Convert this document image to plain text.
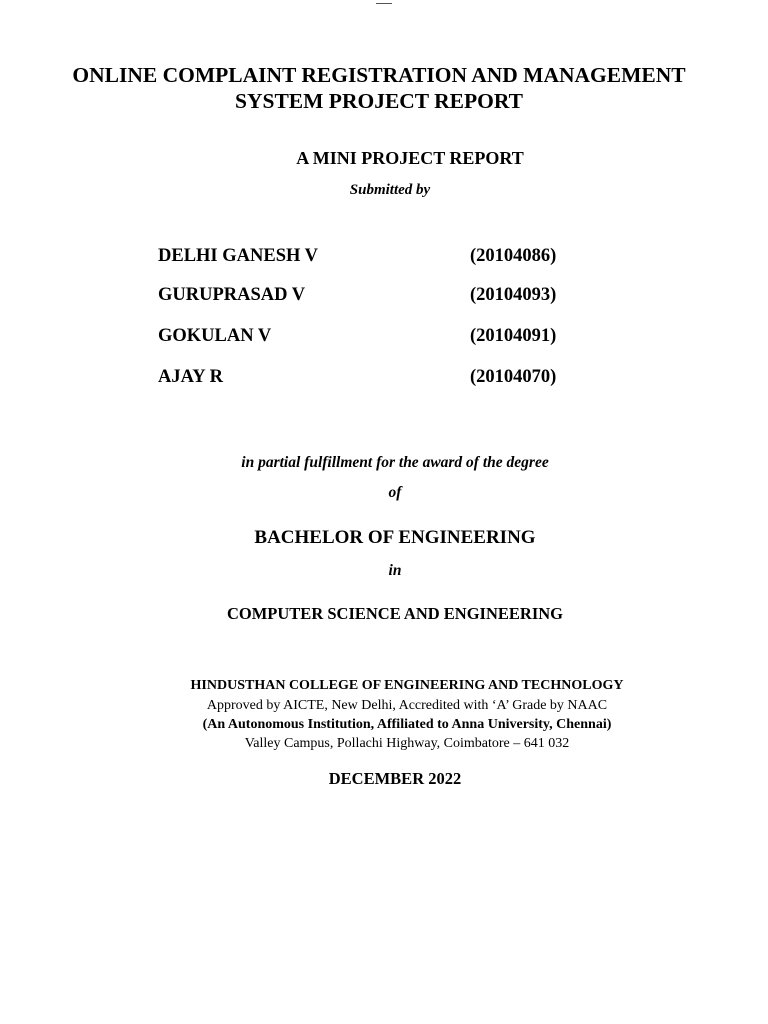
ONLINE COMPLAINT REGISTRATION AND MANAGEMENT
SYSTEM PROJECT REPORT
A MINI PROJECT REPORT
Submitted by
DELHI GANESH V	(20104086)
GURUPRASAD V	(20104093)
GOKULAN V	(20104091)
AJAY R	(20104070)
in partial fulfillment for the award of the degree
of
BACHELOR OF ENGINEERING
in
COMPUTER SCIENCE AND ENGINEERING
HINDUSTHAN COLLEGE OF ENGINEERING AND TECHNOLOGY
Approved by AICTE, New Delhi, Accredited with ‘A’ Grade by NAAC
(An Autonomous Institution, Affiliated to Anna University, Chennai)
Valley Campus, Pollachi Highway, Coimbatore – 641 032
DECEMBER 2022
